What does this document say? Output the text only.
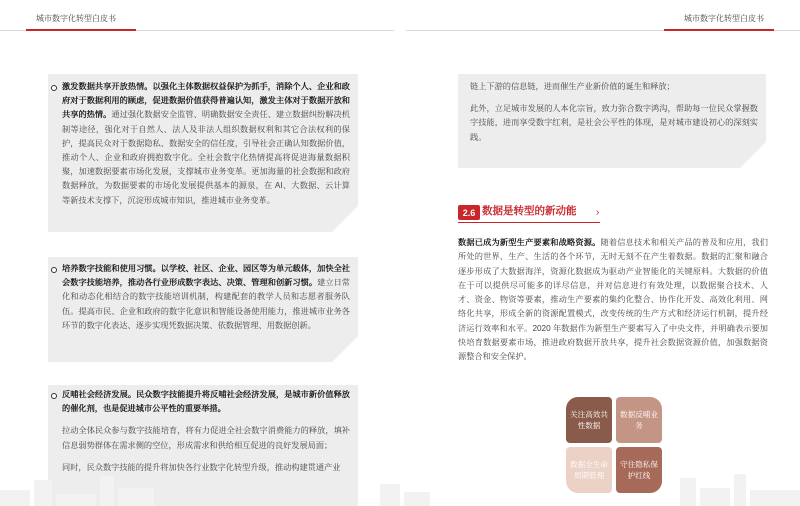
城市数字化转型白皮书	城市数字化转型白皮书
激发数据共享开放热情。以强化主体数据权益保护为抓手，消除个人、企业和政府对于数据利用的顾虑，促进数据价值获得普遍认知，激发主体对于数据开放和共享的热情。通过强化数据安全监管、明确数据安全责任、建立数据纠纷解决机制等途径，强化对于自然人、法人及非法人组织数据权利和其它合法权利的保护，提高民众对于数据隐私、数据安全的信任度，引导社会正确认知数据价值，推动个人、企业和政府拥抱数字化。全社会数字化热情提高将促进海量数据积聚，加速数据要素市场化发展，支撑城市业务变革。更加海量的社会数据和政府数据释放，为数据要素的市场化发展提供基本的源泉，在 AI、大数据、云计算等新技术支撑下，沉淀形成城市知识，推进城市业务变革。
培养数字技能和使用习惯。以学校、社区、企业、园区等为单元载体，加快全社会数字技能培养，推动各行业形成数字表达、决策、管理和创新习惯。建立日常化和动态化相结合的数字技能培训机制，构建配套的教学人员和志愿者服务队伍。提高市民、企业和政府的数字化意识和智能设备使用能力，推进城市业务各环节的数字化表达、逐步实现凭数据决策、依数据管理、用数据创新。
反哺社会经济发展。民众数字技能提升将反哺社会经济发展，是城市新价值释放的催化剂，也是促进城市公平性的重要举措。
拉动全体民众参与数字技能培育，将有力促进全社会数字消费能力的释放，填补信息弱势群体在需求侧的空位，形成需求和供给相互促进的良好发展局面；
同时，民众数字技能的提升将加快各行业数字化转型升级，推动构建贯通产业
链上下游的信息链，进而催生产业新价值的诞生和释放；
此外，立足城市发展的人本化宗旨，致力弥合数字鸿沟，帮助每一位民众掌握数字技能，进而享受数字红利，是社会公平性的体现，是对城市建设初心的深刻实践。
2.6 数据是转型的新动能 ›
数据已成为新型生产要素和战略资源。随着信息技术和相关产品的普及和应用，我们所处的世界、生产、生活的各个环节，无时无刻不在产生着数据。数据的汇聚和融合逐步形成了大数据海洋，资源化数据成为驱动产业智能化的关键原料。大数据的价值在于可以提供尽可能多的详尽信息，并对信息进行有效处理，以数据聚合技术、人才、资金、物资等要素，推动生产要素的集约化整合、协作化开发、高效化利用、网络化共享，形成全新的资源配置模式，改变传统的生产方式和经济运行机制，提升经济运行效率和水平。2020 年数据作为新型生产要素写入了中央文件，并明确表示要加快培育数据要素市场，推进政府数据开放共享，提升社会数据资源价值，加强数据资源整合和安全保护。
关注高效共性数据
数据反哺业务
数据全生命周期管理
守住隐私保护红线
